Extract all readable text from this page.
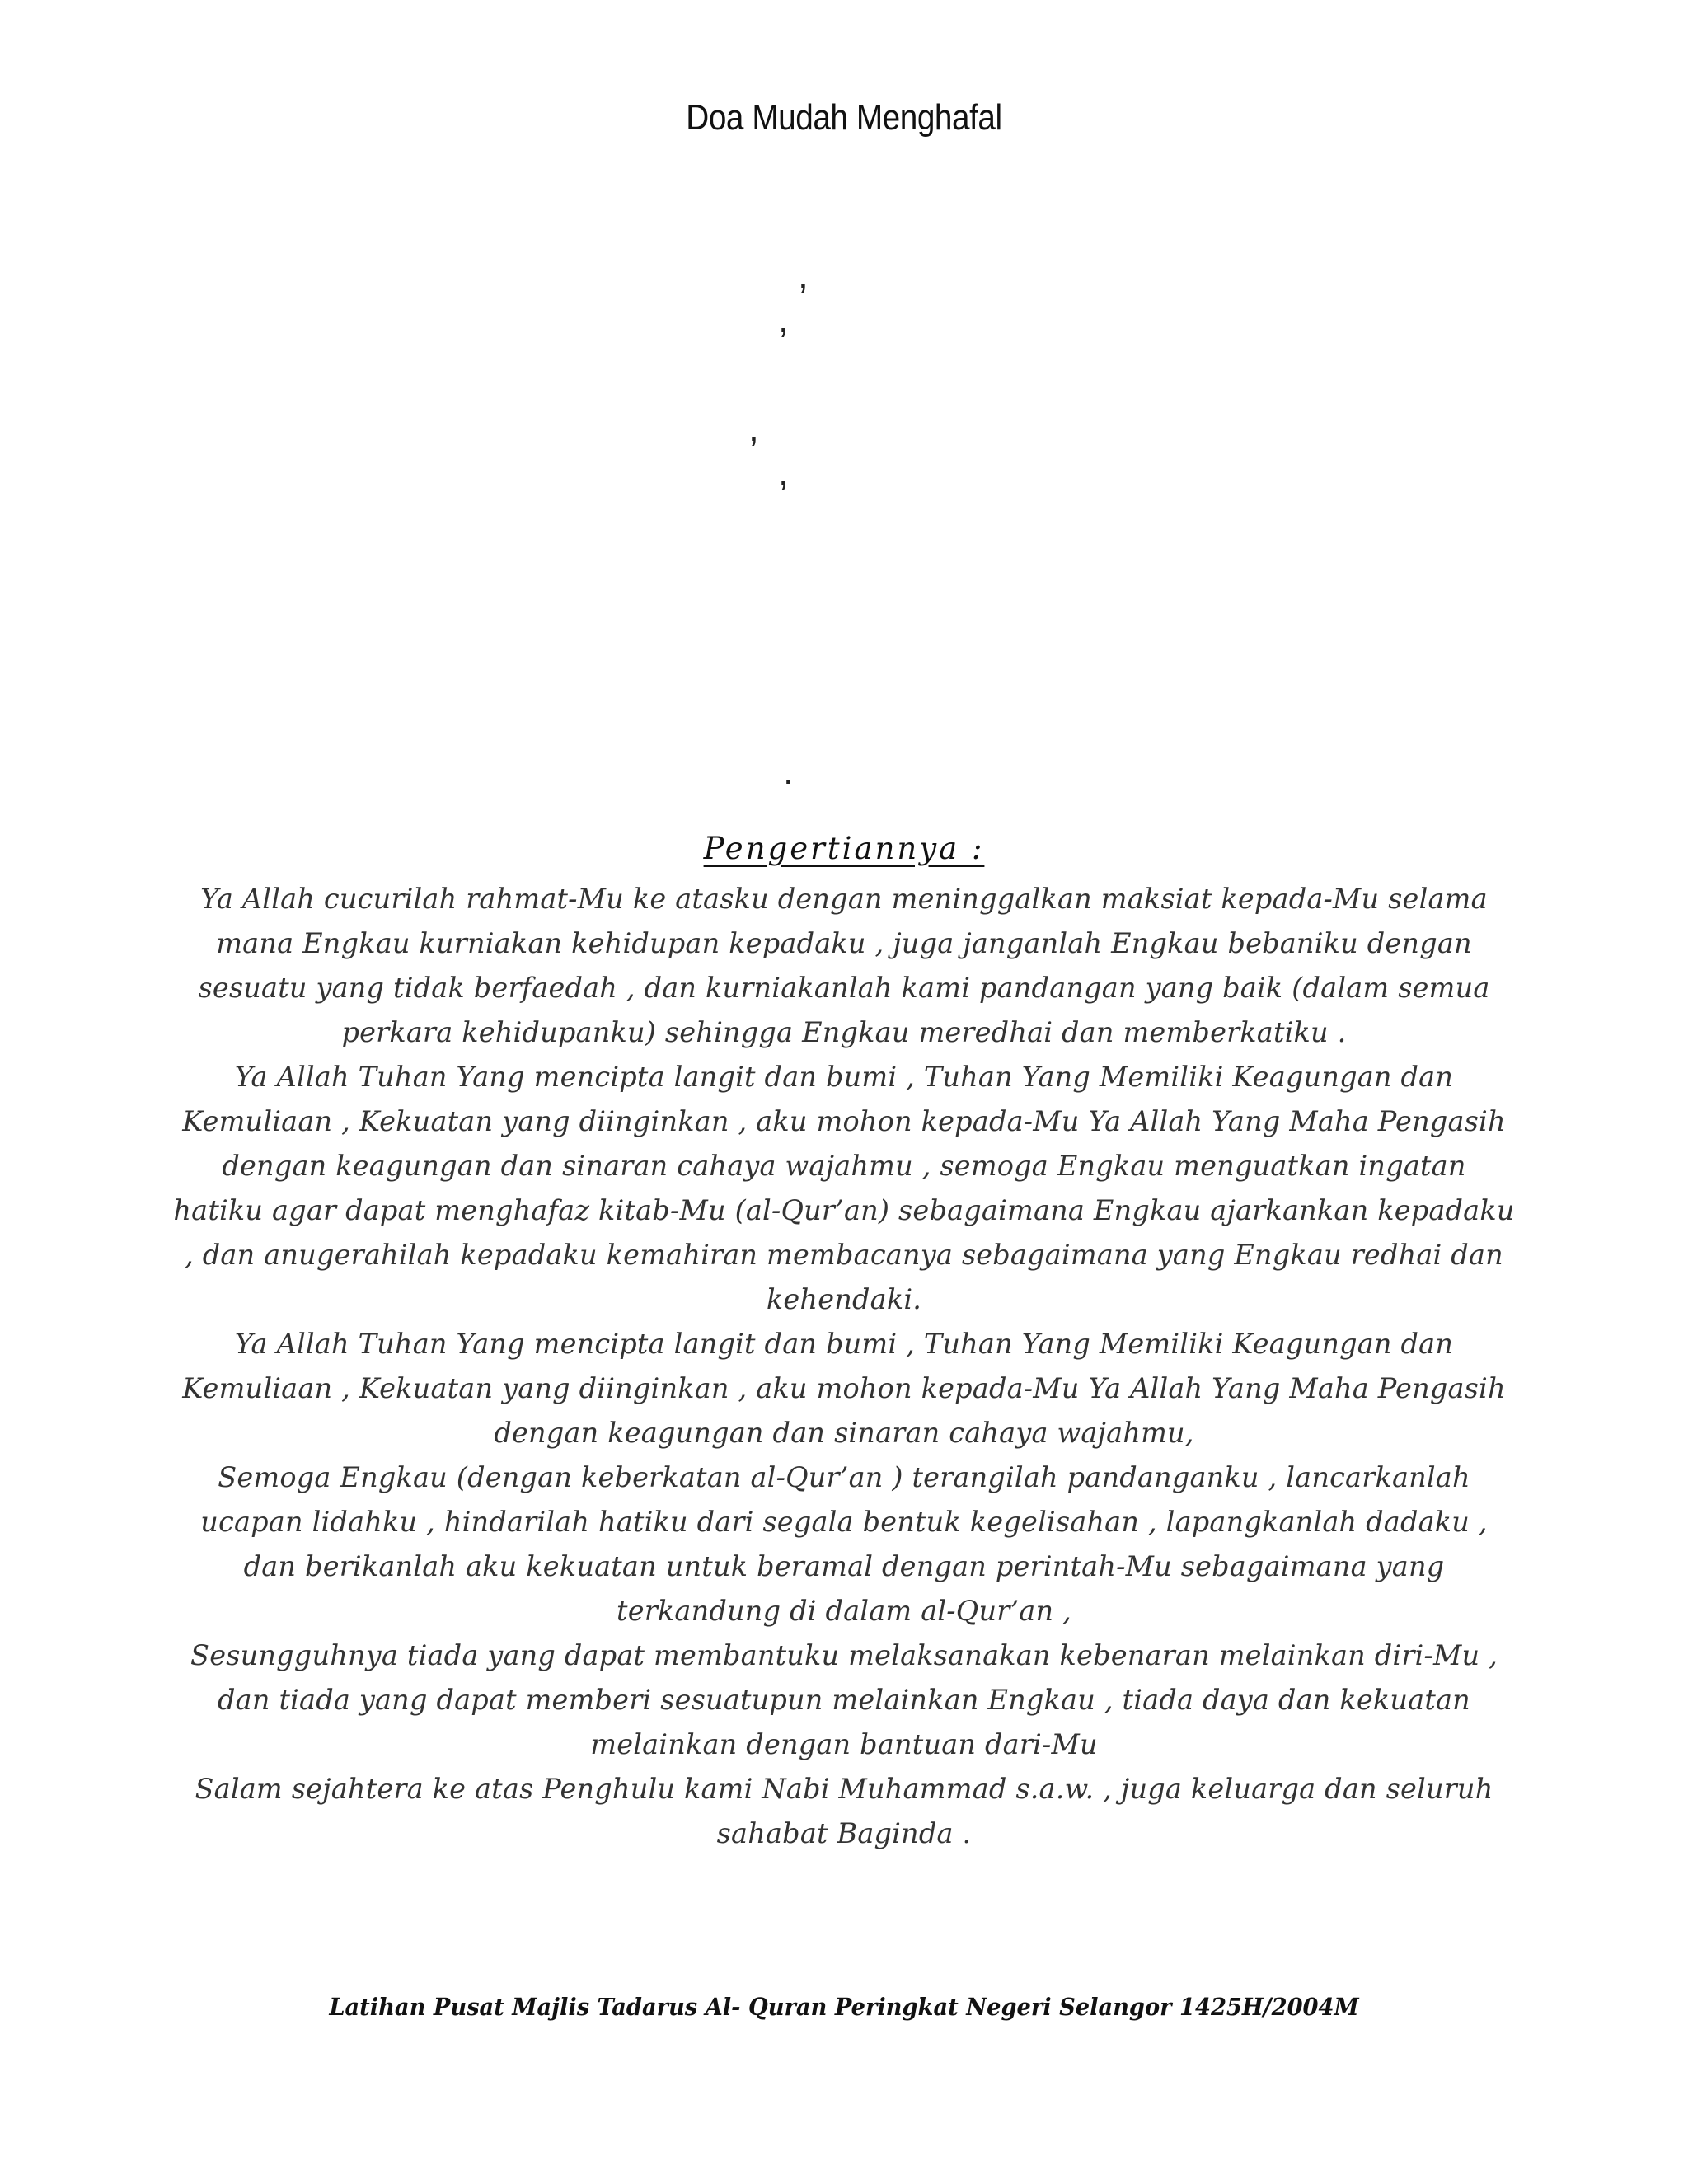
Doa Mudah Menghafal
,
,
,
,
.
Pengertiannya :
Ya Allah cucurilah rahmat-Mu ke atasku dengan meninggalkan maksiat kepada-Mu selama mana Engkau kurniakan kehidupan kepadaku , juga janganlah Engkau bebaniku dengan sesuatu yang tidak berfaedah , dan kurniakanlah kami pandangan yang baik (dalam semua perkara kehidupanku) sehingga Engkau meredhai dan memberkatiku .
Ya Allah Tuhan Yang mencipta langit dan bumi , Tuhan Yang Memiliki Keagungan dan Kemuliaan , Kekuatan yang diinginkan , aku mohon kepada-Mu Ya Allah Yang Maha Pengasih dengan keagungan dan sinaran cahaya wajahmu , semoga Engkau menguatkan ingatan hatiku agar dapat menghafaz kitab-Mu (al-Qur’an) sebagaimana Engkau ajarkankan kepadaku , dan anugerahilah kepadaku kemahiran membacanya sebagaimana yang Engkau redhai dan kehendaki.
Ya Allah Tuhan Yang mencipta langit dan bumi , Tuhan Yang Memiliki Keagungan dan Kemuliaan , Kekuatan yang diinginkan , aku mohon kepada-Mu Ya Allah Yang Maha Pengasih dengan keagungan dan sinaran cahaya wajahmu,
Semoga Engkau (dengan keberkatan al-Qur’an ) terangilah pandanganku , lancarkanlah ucapan lidahku , hindarilah hatiku dari segala bentuk kegelisahan , lapangkanlah dadaku , dan berikanlah aku kekuatan untuk beramal dengan perintah-Mu sebagaimana yang terkandung di dalam al-Qur’an ,
Sesungguhnya tiada yang dapat membantuku melaksanakan kebenaran melainkan diri-Mu , dan tiada yang dapat memberi sesuatupun melainkan Engkau , tiada daya dan kekuatan melainkan dengan bantuan dari-Mu
Salam sejahtera ke atas Penghulu kami Nabi Muhammad s.a.w. , juga keluarga dan seluruh sahabat Baginda .
Latihan Pusat Majlis Tadarus Al- Quran Peringkat Negeri Selangor 1425H/2004M
